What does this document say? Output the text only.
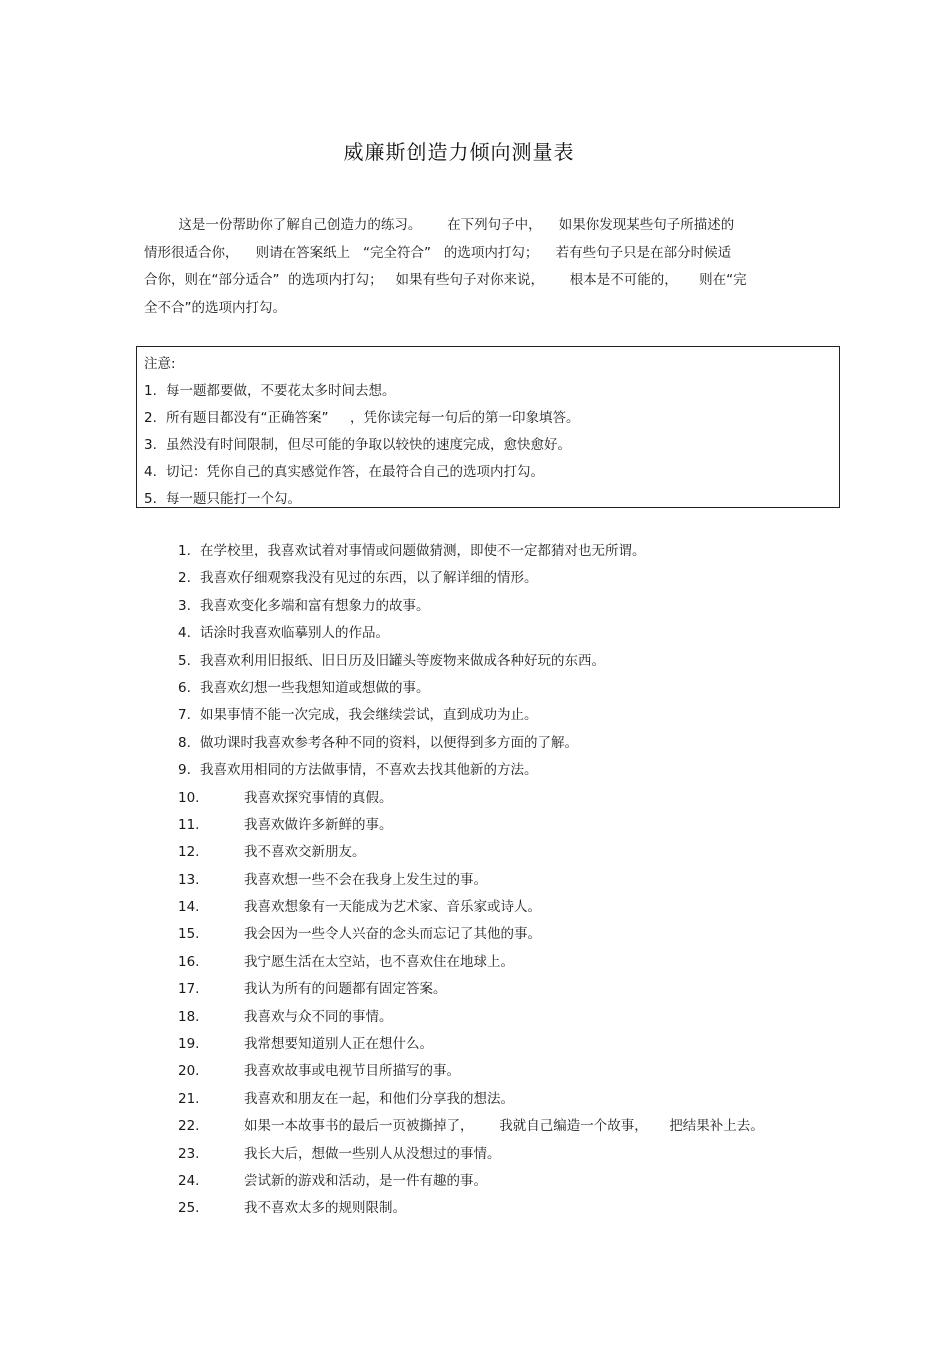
威廉斯创造力倾向测量表
这是一份帮助你了解自己创造力的练习。      在下列句子中，    如果你发现某些句子所描述的
情形很适合你，    则请在答案纸上   “完全符合”   的选项内打勾；    若有些句子只是在部分时候适
合你，则在“部分适合”  的选项内打勾；   如果有些句子对你来说，      根本是不可能的，     则在“完
全不合”的选项内打勾。
注意:
1. 每一题都要做，不要花太多时间去想。
2. 所有题目都没有“正确答案”     ，凭你读完每一句后的第一印象填答。
3. 虽然没有时间限制，但尽可能的争取以较快的速度完成，愈快愈好。
4. 切记：凭你自己的真实感觉作答，在最符合自己的选项内打勾。
5. 每一题只能打一个勾。
1. 在学校里，我喜欢试着对事情或问题做猜测，即使不一定都猜对也无所谓。
2. 我喜欢仔细观察我没有见过的东西，以了解详细的情形。
3. 我喜欢变化多端和富有想象力的故事。
4. 话涂时我喜欢临摹别人的作品。
5. 我喜欢利用旧报纸、旧日历及旧罐头等废物来做成各种好玩的东西。
6. 我喜欢幻想一些我想知道或想做的事。
7. 如果事情不能一次完成，我会继续尝试，直到成功为止。
8. 做功课时我喜欢参考各种不同的资料，以便得到多方面的了解。
9. 我喜欢用相同的方法做事情，不喜欢去找其他新的方法。
10.	我喜欢探究事情的真假。
11.	我喜欢做许多新鲜的事。
12.	我不喜欢交新朋友。
13.	我喜欢想一些不会在我身上发生过的事。
14.	我喜欢想象有一天能成为艺术家、音乐家或诗人。
15.	我会因为一些令人兴奋的念头而忘记了其他的事。
16.	我宁愿生活在太空站，也不喜欢住在地球上。
17.	我认为所有的问题都有固定答案。
18.	我喜欢与众不同的事情。
19.	我常想要知道别人正在想什么。
20.	我喜欢故事或电视节目所描写的事。
21.	我喜欢和朋友在一起，和他们分享我的想法。
22.	如果一本故事书的最后一页被撕掉了，      我就自己编造一个故事，     把结果补上去。
23.	我长大后，想做一些别人从没想过的事情。
24.	尝试新的游戏和活动，是一件有趣的事。
25.	我不喜欢太多的规则限制。
